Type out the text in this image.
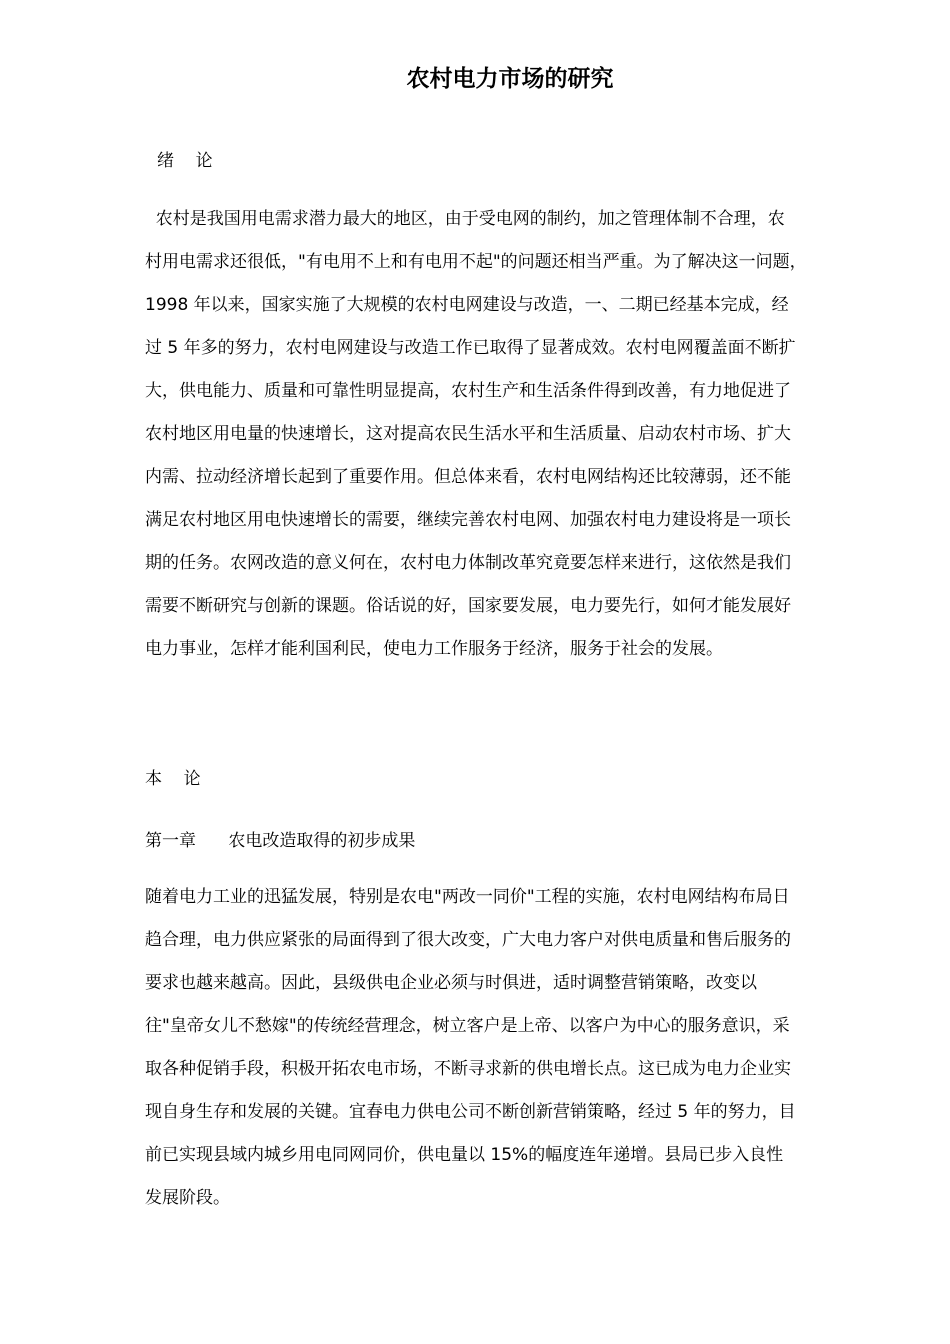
农村电力市场的研究
绪    论
农村是我国用电需求潜力最大的地区，由于受电网的制约，加之管理体制不合理，农
村用电需求还很低，"有电用不上和有电用不起"的问题还相当严重。为了解决这一问题，
1998 年以来，国家实施了大规模的农村电网建设与改造，一、二期已经基本完成，经
过 5 年多的努力，农村电网建设与改造工作已取得了显著成效。农村电网覆盖面不断扩
大，供电能力、质量和可靠性明显提高，农村生产和生活条件得到改善，有力地促进了
农村地区用电量的快速增长，这对提高农民生活水平和生活质量、启动农村市场、扩大
内需、拉动经济增长起到了重要作用。但总体来看，农村电网结构还比较薄弱，还不能
满足农村地区用电快速增长的需要，继续完善农村电网、加强农村电力建设将是一项长
期的任务。农网改造的意义何在，农村电力体制改革究竟要怎样来进行，这依然是我们
需要不断研究与创新的课题。俗话说的好，国家要发展，电力要先行，如何才能发展好
电力事业，怎样才能利国利民，使电力工作服务于经济，服务于社会的发展。
本    论
第一章      农电改造取得的初步成果
随着电力工业的迅猛发展，特别是农电"两改一同价"工程的实施，农村电网结构布局日
趋合理，电力供应紧张的局面得到了很大改变，广大电力客户对供电质量和售后服务的
要求也越来越高。因此，县级供电企业必须与时俱进，适时调整营销策略，改变以
往"皇帝女儿不愁嫁"的传统经营理念，树立客户是上帝、以客户为中心的服务意识，采
取各种促销手段，积极开拓农电市场，不断寻求新的供电增长点。这已成为电力企业实
现自身生存和发展的关键。宜春电力供电公司不断创新营销策略，经过 5 年的努力，目
前已实现县域内城乡用电同网同价，供电量以 15%的幅度连年递增。县局已步入良性
发展阶段。
